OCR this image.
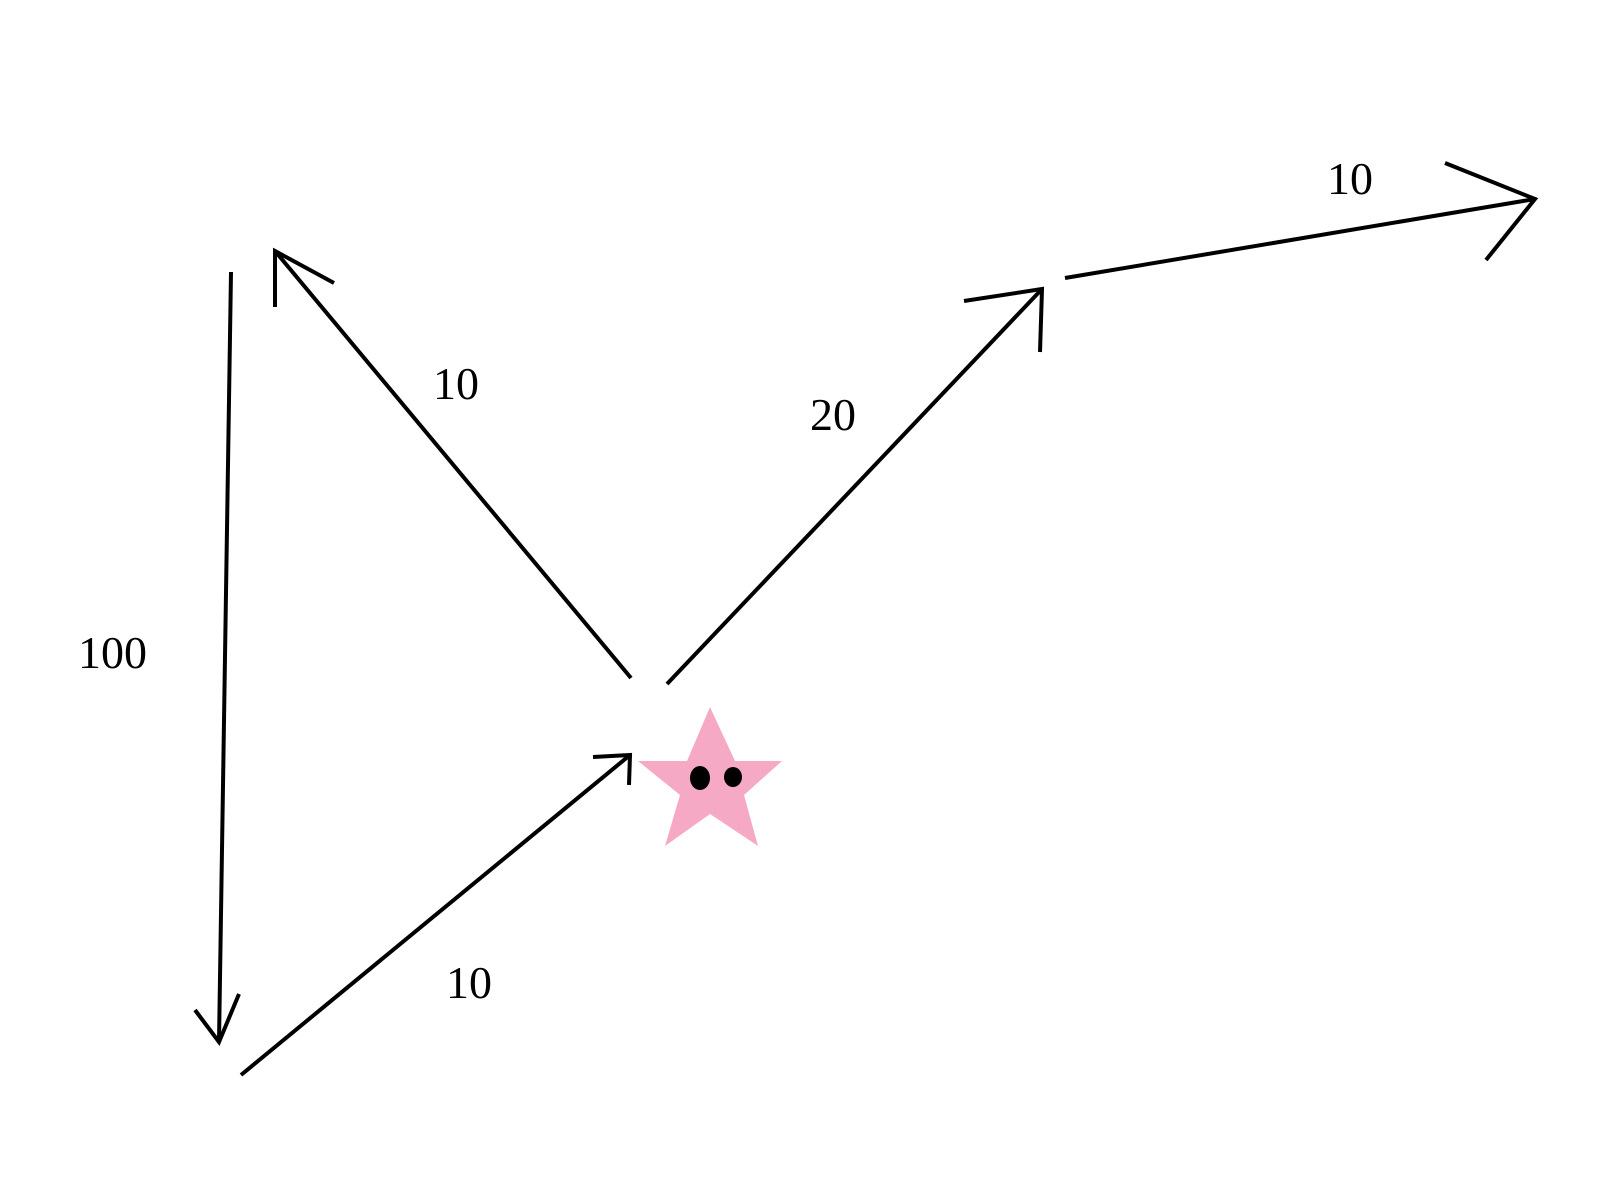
100
10
20
10
10
